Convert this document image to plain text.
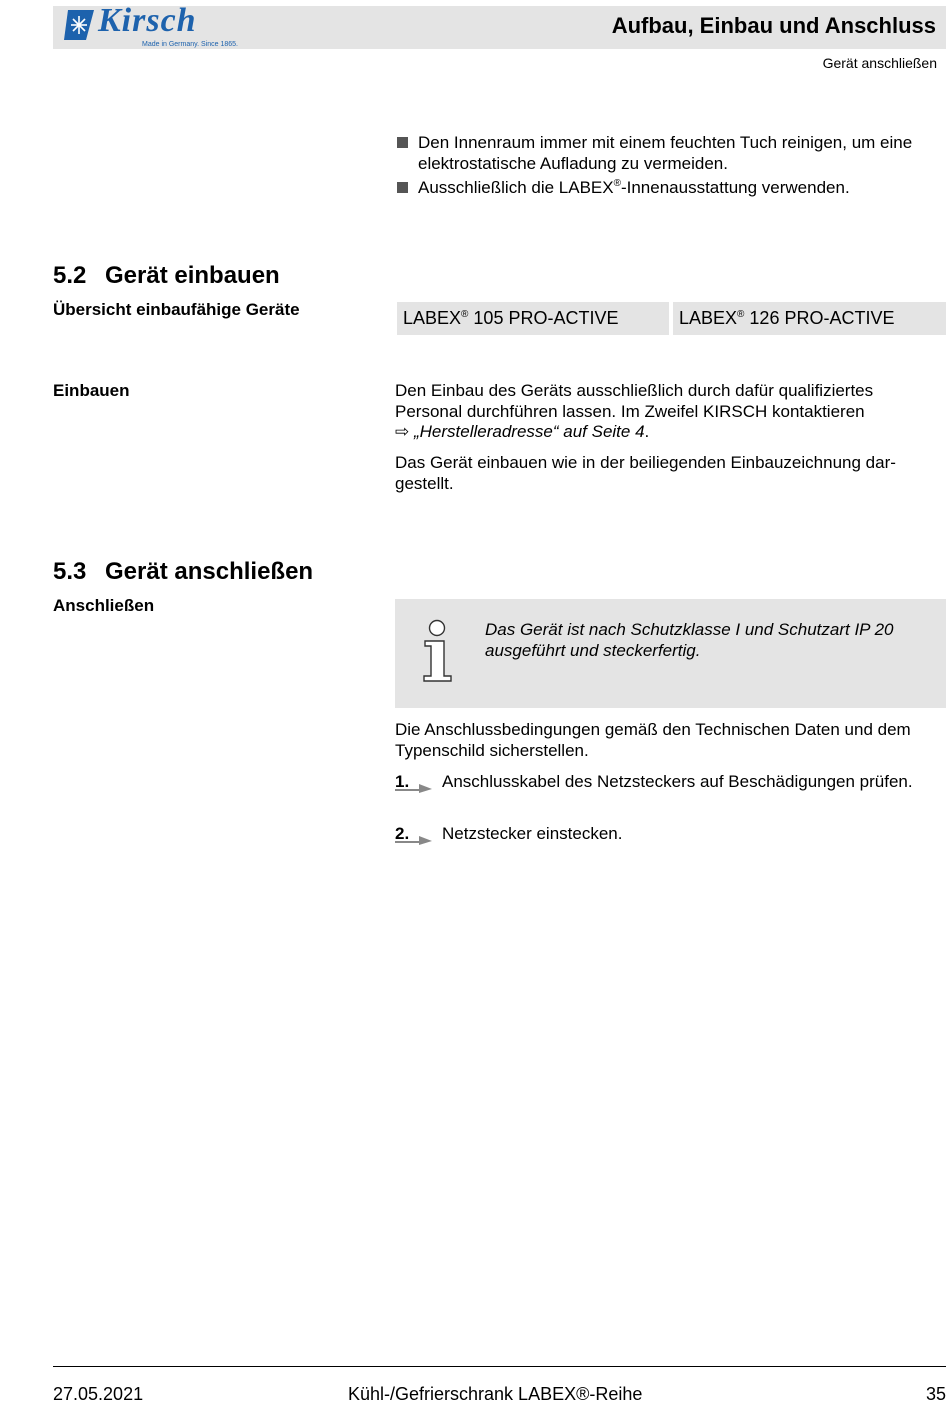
Kirsch
Made in Germany. Since 1865.
Aufbau, Einbau und Anschluss
Gerät anschließen
Den Innenraum immer mit einem feuchten Tuch reinigen, um eine elektrostatische Aufladung zu vermeiden.
Ausschließlich die LABEX®-Innenausstattung verwenden.
5.2 Gerät einbauen
Übersicht einbaufähige Geräte	LABEX® 105 PRO-ACTIVE	LABEX® 126 PRO-ACTIVE
Einbauen	Den Einbau des Geräts ausschließlich durch dafür qualifiziertes Personal durchführen lassen. Im Zweifel KIRSCH kontaktieren
⇨ „Herstelleradresse“ auf Seite 4.

Das Gerät einbauen wie in der beiliegenden Einbauzeichnung dar-gestellt.

5.3 Gerät anschließen
Anschließen
Das Gerät ist nach Schutzklasse I und Schutzart IP 20 ausgeführt und steckerfertig.

Die Anschlussbedingungen gemäß den Technischen Daten und dem Typenschild sicherstellen.

1. Anschlusskabel des Netzsteckers auf Beschädigungen prüfen.
2. Netzstecker einstecken.
27.05.2021	Kühl-/Gefrierschrank LABEX®-Reihe	35
